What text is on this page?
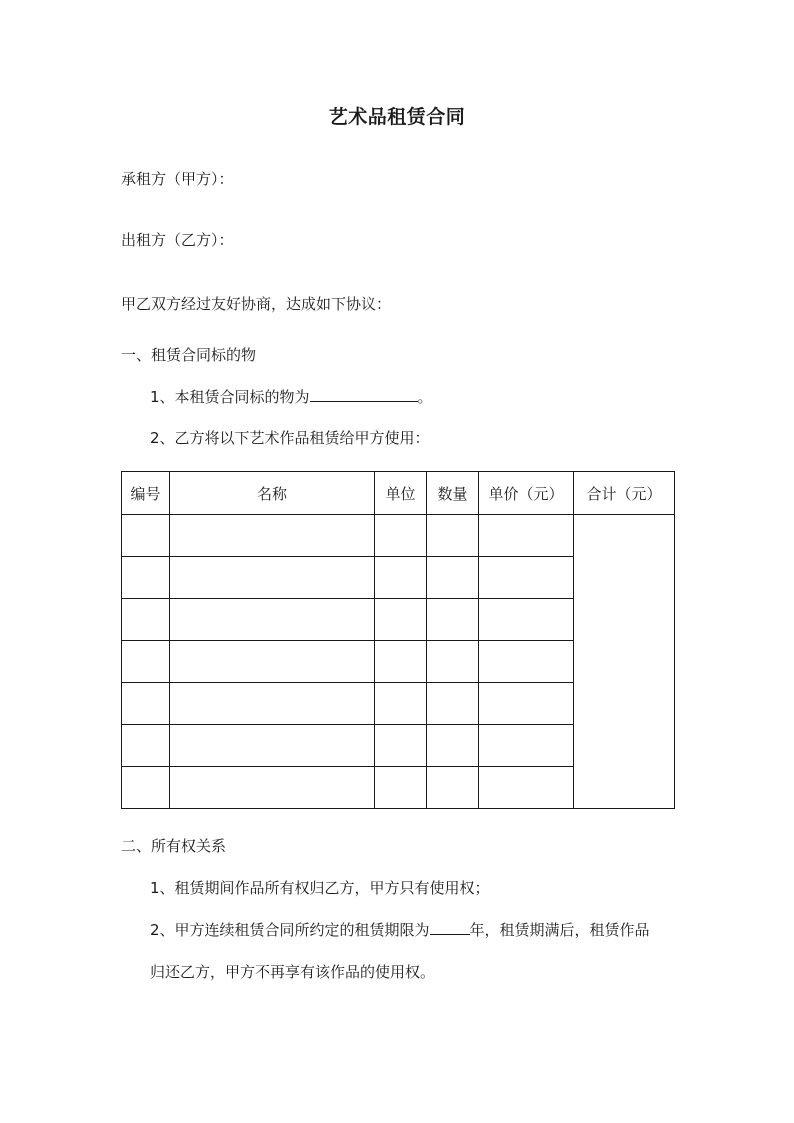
艺术品租赁合同
承租方（甲方）：
出租方（乙方）：
甲乙双方经过友好协商，达成如下协议：
一、租赁合同标的物
1、本租赁合同标的物为	。
2、乙方将以下艺术作品租赁给甲方使用：
编号	名称	单位	数量	单价（元）	合计（元）

二、所有权关系
1、租赁期间作品所有权归乙方，甲方只有使用权；
2、甲方连续租赁合同所约定的租赁期限为	年，租赁期满后，租赁作品
归还乙方，甲方不再享有该作品的使用权。
